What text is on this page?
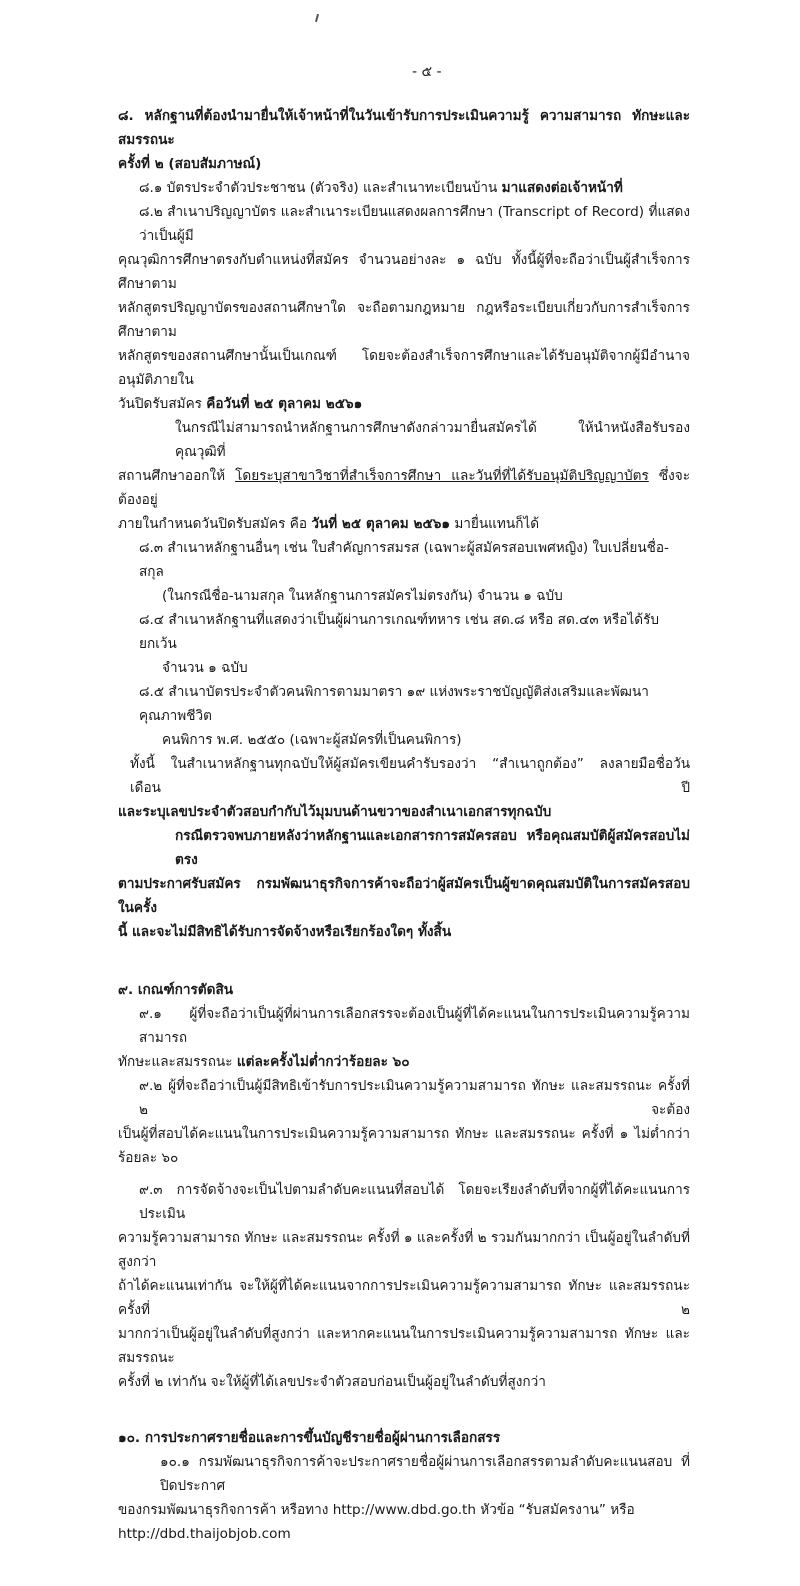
- ๕ -
๘. หลักฐานที่ต้องนำมายื่นให้เจ้าหน้าที่ในวันเข้ารับการประเมินความรู้ ความสามารถ ทักษะและสมรรถนะ
ครั้งที่ ๒ (สอบสัมภาษณ์)
๘.๑ บัตรประจำตัวประชาชน (ตัวจริง) และสำเนาทะเบียนบ้าน มาแสดงต่อเจ้าหน้าที่
๘.๒ สำเนาปริญญาบัตร และสำเนาระเบียนแสดงผลการศึกษา (Transcript of Record) ที่แสดงว่าเป็นผู้มี
คุณวุฒิการศึกษาตรงกับตำแหน่งที่สมัคร จำนวนอย่างละ ๑ ฉบับ ทั้งนี้ผู้ที่จะถือว่าเป็นผู้สำเร็จการศึกษาตาม
หลักสูตรปริญญาบัตรของสถานศึกษาใด จะถือตามกฎหมาย กฎหรือระเบียบเกี่ยวกับการสำเร็จการศึกษาตาม
หลักสูตรของสถานศึกษานั้นเป็นเกณฑ์ โดยจะต้องสำเร็จการศึกษาและได้รับอนุมัติจากผู้มีอำนาจอนุมัติภายใน
วันปิดรับสมัคร คือวันที่ ๒๕ ตุลาคม ๒๕๖๑
ในกรณีไม่สามารถนำหลักฐานการศึกษาดังกล่าวมายื่นสมัครได้ ให้นำหนังสือรับรองคุณวุฒิที่
สถานศึกษาออกให้ โดยระบุสาขาวิชาที่สำเร็จการศึกษา และวันที่ที่ได้รับอนุมัติปริญญาบัตร ซึ่งจะต้องอยู่
ภายในกำหนดวันปิดรับสมัคร คือ วันที่ ๒๕ ตุลาคม ๒๕๖๑ มายื่นแทนก็ได้
๘.๓ สำเนาหลักฐานอื่นๆ เช่น ใบสำคัญการสมรส (เฉพาะผู้สมัครสอบเพศหญิง) ใบเปลี่ยนชื่อ-สกุล
(ในกรณีชื่อ-นามสกุล ในหลักฐานการสมัครไม่ตรงกัน) จำนวน ๑ ฉบับ
๘.๔ สำเนาหลักฐานที่แสดงว่าเป็นผู้ผ่านการเกณฑ์ทหาร เช่น สด.๘ หรือ สด.๔๓ หรือได้รับยกเว้น
จำนวน ๑ ฉบับ
๘.๕ สำเนาบัตรประจำตัวคนพิการตามมาตรา ๑๙ แห่งพระราชบัญญัติส่งเสริมและพัฒนาคุณภาพชีวิต
คนพิการ พ.ศ. ๒๕๕๐ (เฉพาะผู้สมัครที่เป็นคนพิการ)
ทั้งนี้ ในสำเนาหลักฐานทุกฉบับให้ผู้สมัครเขียนคำรับรองว่า “สำเนาถูกต้อง” ลงลายมือชื่อวัน เดือน ปี
และระบุเลขประจำตัวสอบกำกับไว้มุมบนด้านขวาของสำเนาเอกสารทุกฉบับ
กรณีตรวจพบภายหลังว่าหลักฐานและเอกสารการสมัครสอบ หรือคุณสมบัติผู้สมัครสอบไม่ตรง
ตามประกาศรับสมัคร กรมพัฒนาธุรกิจการค้าจะถือว่าผู้สมัครเป็นผู้ขาดคุณสมบัติในการสมัครสอบในครั้ง
นี้ และจะไม่มีสิทธิได้รับการจัดจ้างหรือเรียกร้องใดๆ ทั้งสิ้น
๙. เกณฑ์การตัดสิน
๙.๑ ผู้ที่จะถือว่าเป็นผู้ที่ผ่านการเลือกสรรจะต้องเป็นผู้ที่ได้คะแนนในการประเมินความรู้ความสามารถ
ทักษะและสมรรถนะ แต่ละครั้งไม่ต่ำกว่าร้อยละ ๖๐
๙.๒ ผู้ที่จะถือว่าเป็นผู้มีสิทธิเข้ารับการประเมินความรู้ความสามารถ ทักษะ และสมรรถนะ ครั้งที่ ๒ จะต้อง
เป็นผู้ที่สอบได้คะแนนในการประเมินความรู้ความสามารถ ทักษะ และสมรรถนะ ครั้งที่ ๑ ไม่ต่ำกว่า
ร้อยละ ๖๐
๙.๓ การจัดจ้างจะเป็นไปตามลำดับคะแนนที่สอบได้ โดยจะเรียงลำดับที่จากผู้ที่ได้คะแนนการประเมิน
ความรู้ความสามารถ ทักษะ และสมรรถนะ ครั้งที่ ๑ และครั้งที่ ๒ รวมกันมากกว่า เป็นผู้อยู่ในลำดับที่สูงกว่า
ถ้าได้คะแนนเท่ากัน จะให้ผู้ที่ได้คะแนนจากการประเมินความรู้ความสามารถ ทักษะ และสมรรถนะครั้งที่ ๒
มากกว่าเป็นผู้อยู่ในลำดับที่สูงกว่า และหากคะแนนในการประเมินความรู้ความสามารถ ทักษะ และสมรรถนะ
ครั้งที่ ๒ เท่ากัน จะให้ผู้ที่ได้เลขประจำตัวสอบก่อนเป็นผู้อยู่ในลำดับที่สูงกว่า
๑๐. การประกาศรายชื่อและการขึ้นบัญชีรายชื่อผู้ผ่านการเลือกสรร
๑๐.๑ กรมพัฒนาธุรกิจการค้าจะประกาศรายชื่อผู้ผ่านการเลือกสรรตามลำดับคะแนนสอบ ที่ปิดประกาศ
ของกรมพัฒนาธุรกิจการค้า หรือทาง http://www.dbd.go.th หัวข้อ “รับสมัครงาน” หรือ
http://dbd.thaijobjob.com
